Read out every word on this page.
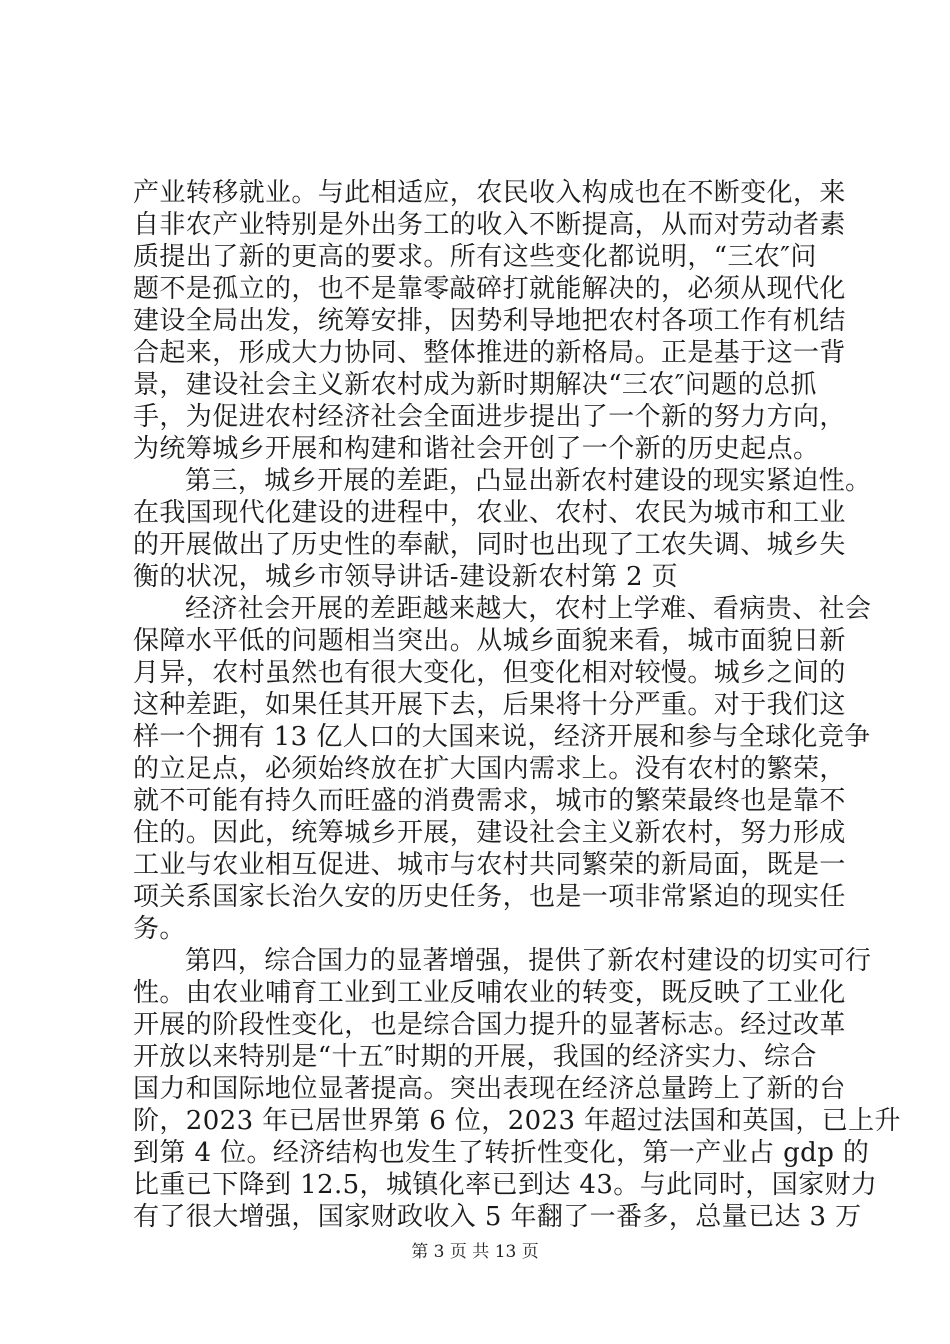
产业转移就业。与此相适应，农民收入构成也在不断变化，来
自非农产业特别是外出务工的收入不断提高，从而对劳动者素
质提出了新的更高的要求。所有这些变化都说明，“三农″问
题不是孤立的，也不是靠零敲碎打就能解决的，必须从现代化
建设全局出发，统筹安排，因势利导地把农村各项工作有机结
合起来，形成大力协同、整体推进的新格局。正是基于这一背
景，建设社会主义新农村成为新时期解决“三农″问题的总抓
手，为促进农村经济社会全面进步提出了一个新的努力方向，
为统筹城乡开展和构建和谐社会开创了一个新的历史起点。
第三，城乡开展的差距，凸显出新农村建设的现实紧迫性。
在我国现代化建设的进程中，农业、农村、农民为城市和工业
的开展做出了历史性的奉献，同时也出现了工农失调、城乡失
衡的状况，城乡市领导讲话-建设新农村第 2 页
经济社会开展的差距越来越大，农村上学难、看病贵、社会
保障水平低的问题相当突出。从城乡面貌来看，城市面貌日新
月异，农村虽然也有很大变化，但变化相对较慢。城乡之间的
这种差距，如果任其开展下去，后果将十分严重。对于我们这
样一个拥有 13 亿人口的大国来说，经济开展和参与全球化竞争
的立足点，必须始终放在扩大国内需求上。没有农村的繁荣，
就不可能有持久而旺盛的消费需求，城市的繁荣最终也是靠不
住的。因此，统筹城乡开展，建设社会主义新农村，努力形成
工业与农业相互促进、城市与农村共同繁荣的新局面，既是一
项关系国家长治久安的历史任务，也是一项非常紧迫的现实任
务。
第四，综合国力的显著增强，提供了新农村建设的切实可行
性。由农业哺育工业到工业反哺农业的转变，既反映了工业化
开展的阶段性变化，也是综合国力提升的显著标志。经过改革
开放以来特别是“十五″时期的开展，我国的经济实力、综合
国力和国际地位显著提高。突出表现在经济总量跨上了新的台
阶，2023 年已居世界第 6 位，2023 年超过法国和英国，已上升
到第 4 位。经济结构也发生了转折性变化，第一产业占 gdp 的
比重已下降到 12.5，城镇化率已到达 43。与此同时，国家财力
有了很大增强，国家财政收入 5 年翻了一番多，总量已达 3 万
第 3 页 共 13 页
